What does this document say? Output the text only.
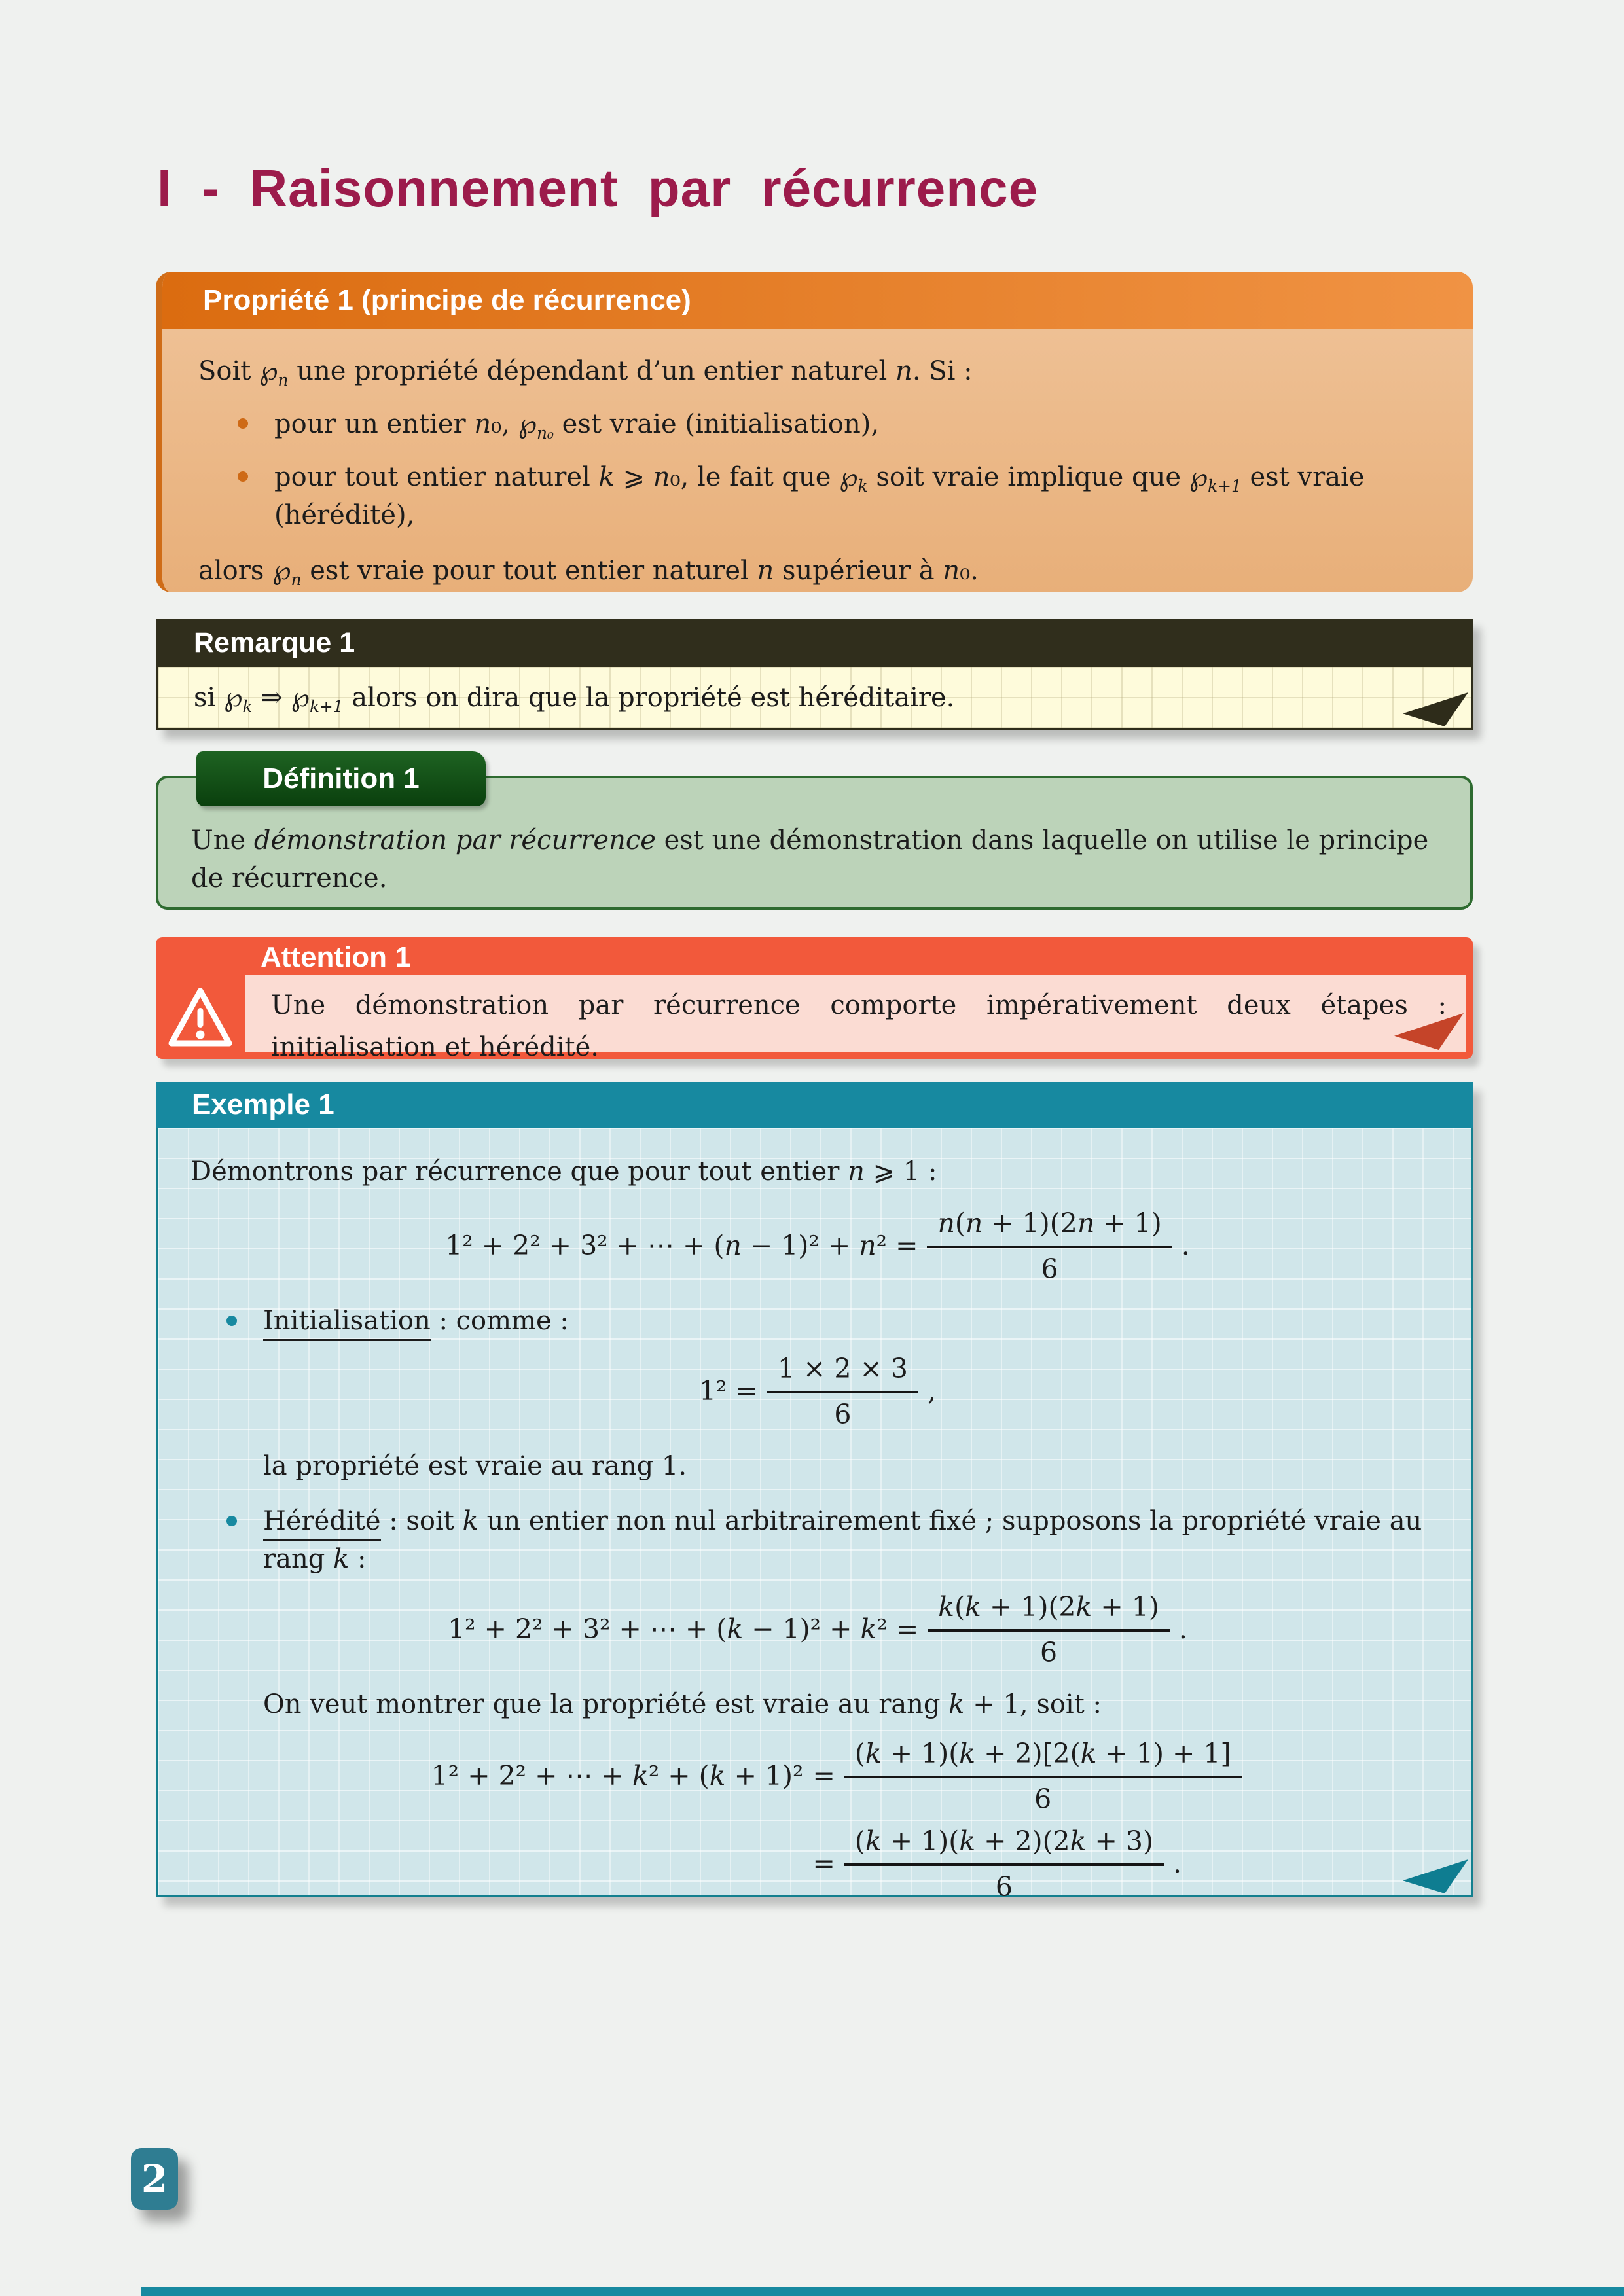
I - Raisonnement par récurrence
Propriété 1 (principe de récurrence)

Soit $℘_n$ une propriété dépendant d’un entier naturel n. Si :

pour un entier n₀, $℘_{n_0}$ est vraie (initialisation),

pour tout entier naturel k ⩾ n₀, le fait que $℘_k$ soit vraie implique que $℘_{k+1}$ est vraie (hérédité),

alors $℘_n$ est vraie pour tout entier naturel n supérieur à n₀.

Remarque 1

si $℘_k$ ⇒ $℘_{k+1}$ alors on dira que la propriété est héréditaire.

Définition 1

Une démonstration par récurrence est une démonstration dans laquelle on utilise le principe de récurrence.

Attention 1

Une démonstration par récurrence comporte impérativement deux étapes : initialisation et hérédité.

Exemple 1

Démontrons par récurrence que pour tout entier n ⩾ 1 :

1² + 2² + 3² + ⋯ + $(n - 1)^2 + n^2 = \frac{n(n + 1)(2n + 1)}{6}$ .

Initialisation : comme :

$1^2 = \frac{1 \times 2 \times 3}{6}$ ,

la propriété est vraie au rang 1.

Hérédité : soit k un entier non nul arbitrairement fixé ; supposons la propriété vraie au rang k :

1² + 2² + 3² + ⋯ + $(k - 1)^2 + k^2 = \frac{k(k + 1)(2k + 1)}{6}$ .

On veut montrer que la propriété est vraie au rang k + 1, soit :

1² + 2² + ⋯ + $k^2 + (k + 1)^2 = \frac{(k + 1)(k + 2)[2(k + 1) + 1]}{6}$
= $\frac{(k + 1)(k + 2)(2k + 3)}{6}$ .
2
